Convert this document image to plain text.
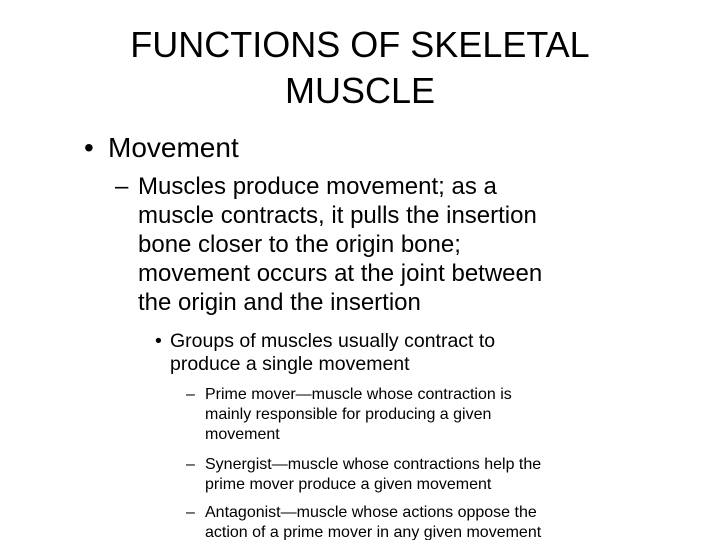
FUNCTIONS OF SKELETAL
MUSCLE
• Movement
– Muscles produce movement; as a
muscle contracts, it pulls the insertion
bone closer to the origin bone;
movement occurs at the joint between
the origin and the insertion
• Groups of muscles usually contract to
produce a single movement
– Prime mover—muscle whose contraction is
mainly responsible for producing a given
movement
– Synergist—muscle whose contractions help the
prime mover produce a given movement
– Antagonist—muscle whose actions oppose the
action of a prime mover in any given movement
